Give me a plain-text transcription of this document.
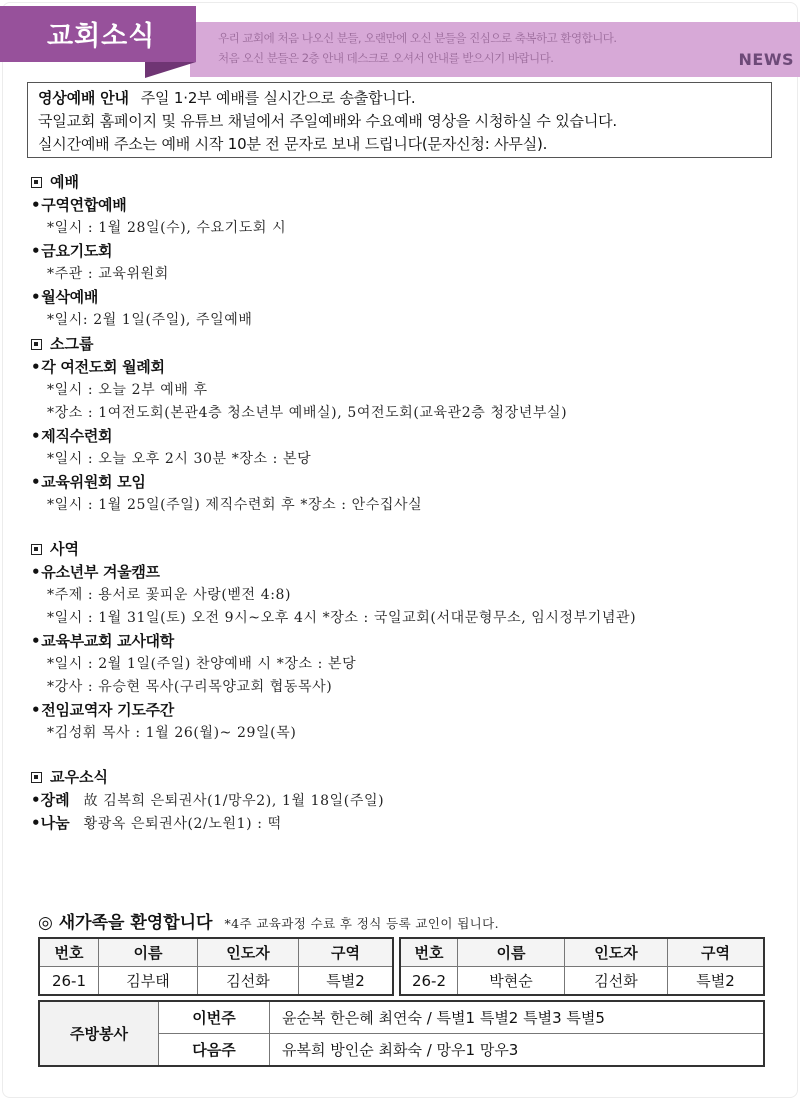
우리 교회에 처음 나오신 분들, 오랜만에 오신 분들을 진심으로 축복하고 환영합니다.
처음 오신 분들은 2층 안내 데스크로 오셔서 안내를 받으시기 바랍니다.	NEWS
교회소식
영상예배 안내 주일 1·2부 예배를 실시간으로 송출합니다.
국일교회 홈페이지 및 유튜브 채널에서 주일예배와 수요예배 영상을 시청하실 수 있습니다.
실시간예배 주소는 예배 시작 10분 전 문자로 보내 드립니다(문자신청: 사무실).
예배
•구역연합예배
*일시 : 1월 28일(수), 수요기도회 시
•금요기도회
*주관 : 교육위원회
•월삭예배
*일시: 2월 1일(주일), 주일예배
소그룹
•각 여전도회 월례회
*일시 : 오늘 2부 예배 후
*장소 : 1여전도회(본관4층 청소년부 예배실), 5여전도회(교육관2층 청장년부실)
•제직수련회
*일시 : 오늘 오후 2시 30분 *장소 : 본당
•교육위원회 모임
*일시 : 1월 25일(주일) 제직수련회 후 *장소 : 안수집사실
사역
•유소년부 겨울캠프
*주제 : 용서로 꽃피운 사랑(벧전 4:8)
*일시 : 1월 31일(토) 오전 9시~오후 4시 *장소 : 국일교회(서대문형무소, 임시정부기념관)
•교육부교회 교사대학
*일시 : 2월 1일(주일) 찬양예배 시 *장소 : 본당
*강사 : 유승현 목사(구리목양교회 협동목사)
•전임교역자 기도주간
*김성휘 목사 : 1월 26(월)~ 29일(목)
교우소식
•장례 故 김복희 은퇴권사(1/망우2), 1월 18일(주일)
•나눔 황광옥 은퇴권사(2/노원1) : 떡
◎ 새가족을 환영합니다 *4주 교육과정 수료 후 정식 등록 교인이 됩니다.
번호	이름	인도자	구역
26-1	김부태	김선화	특별2
번호	이름	인도자	구역
26-2	박현순	김선화	특별2
주방봉사	이번주	윤순복 한은혜 최연숙 / 특별1 특별2 특별3 특별5
	다음주	유복희 방인순 최화숙 / 망우1 망우3
